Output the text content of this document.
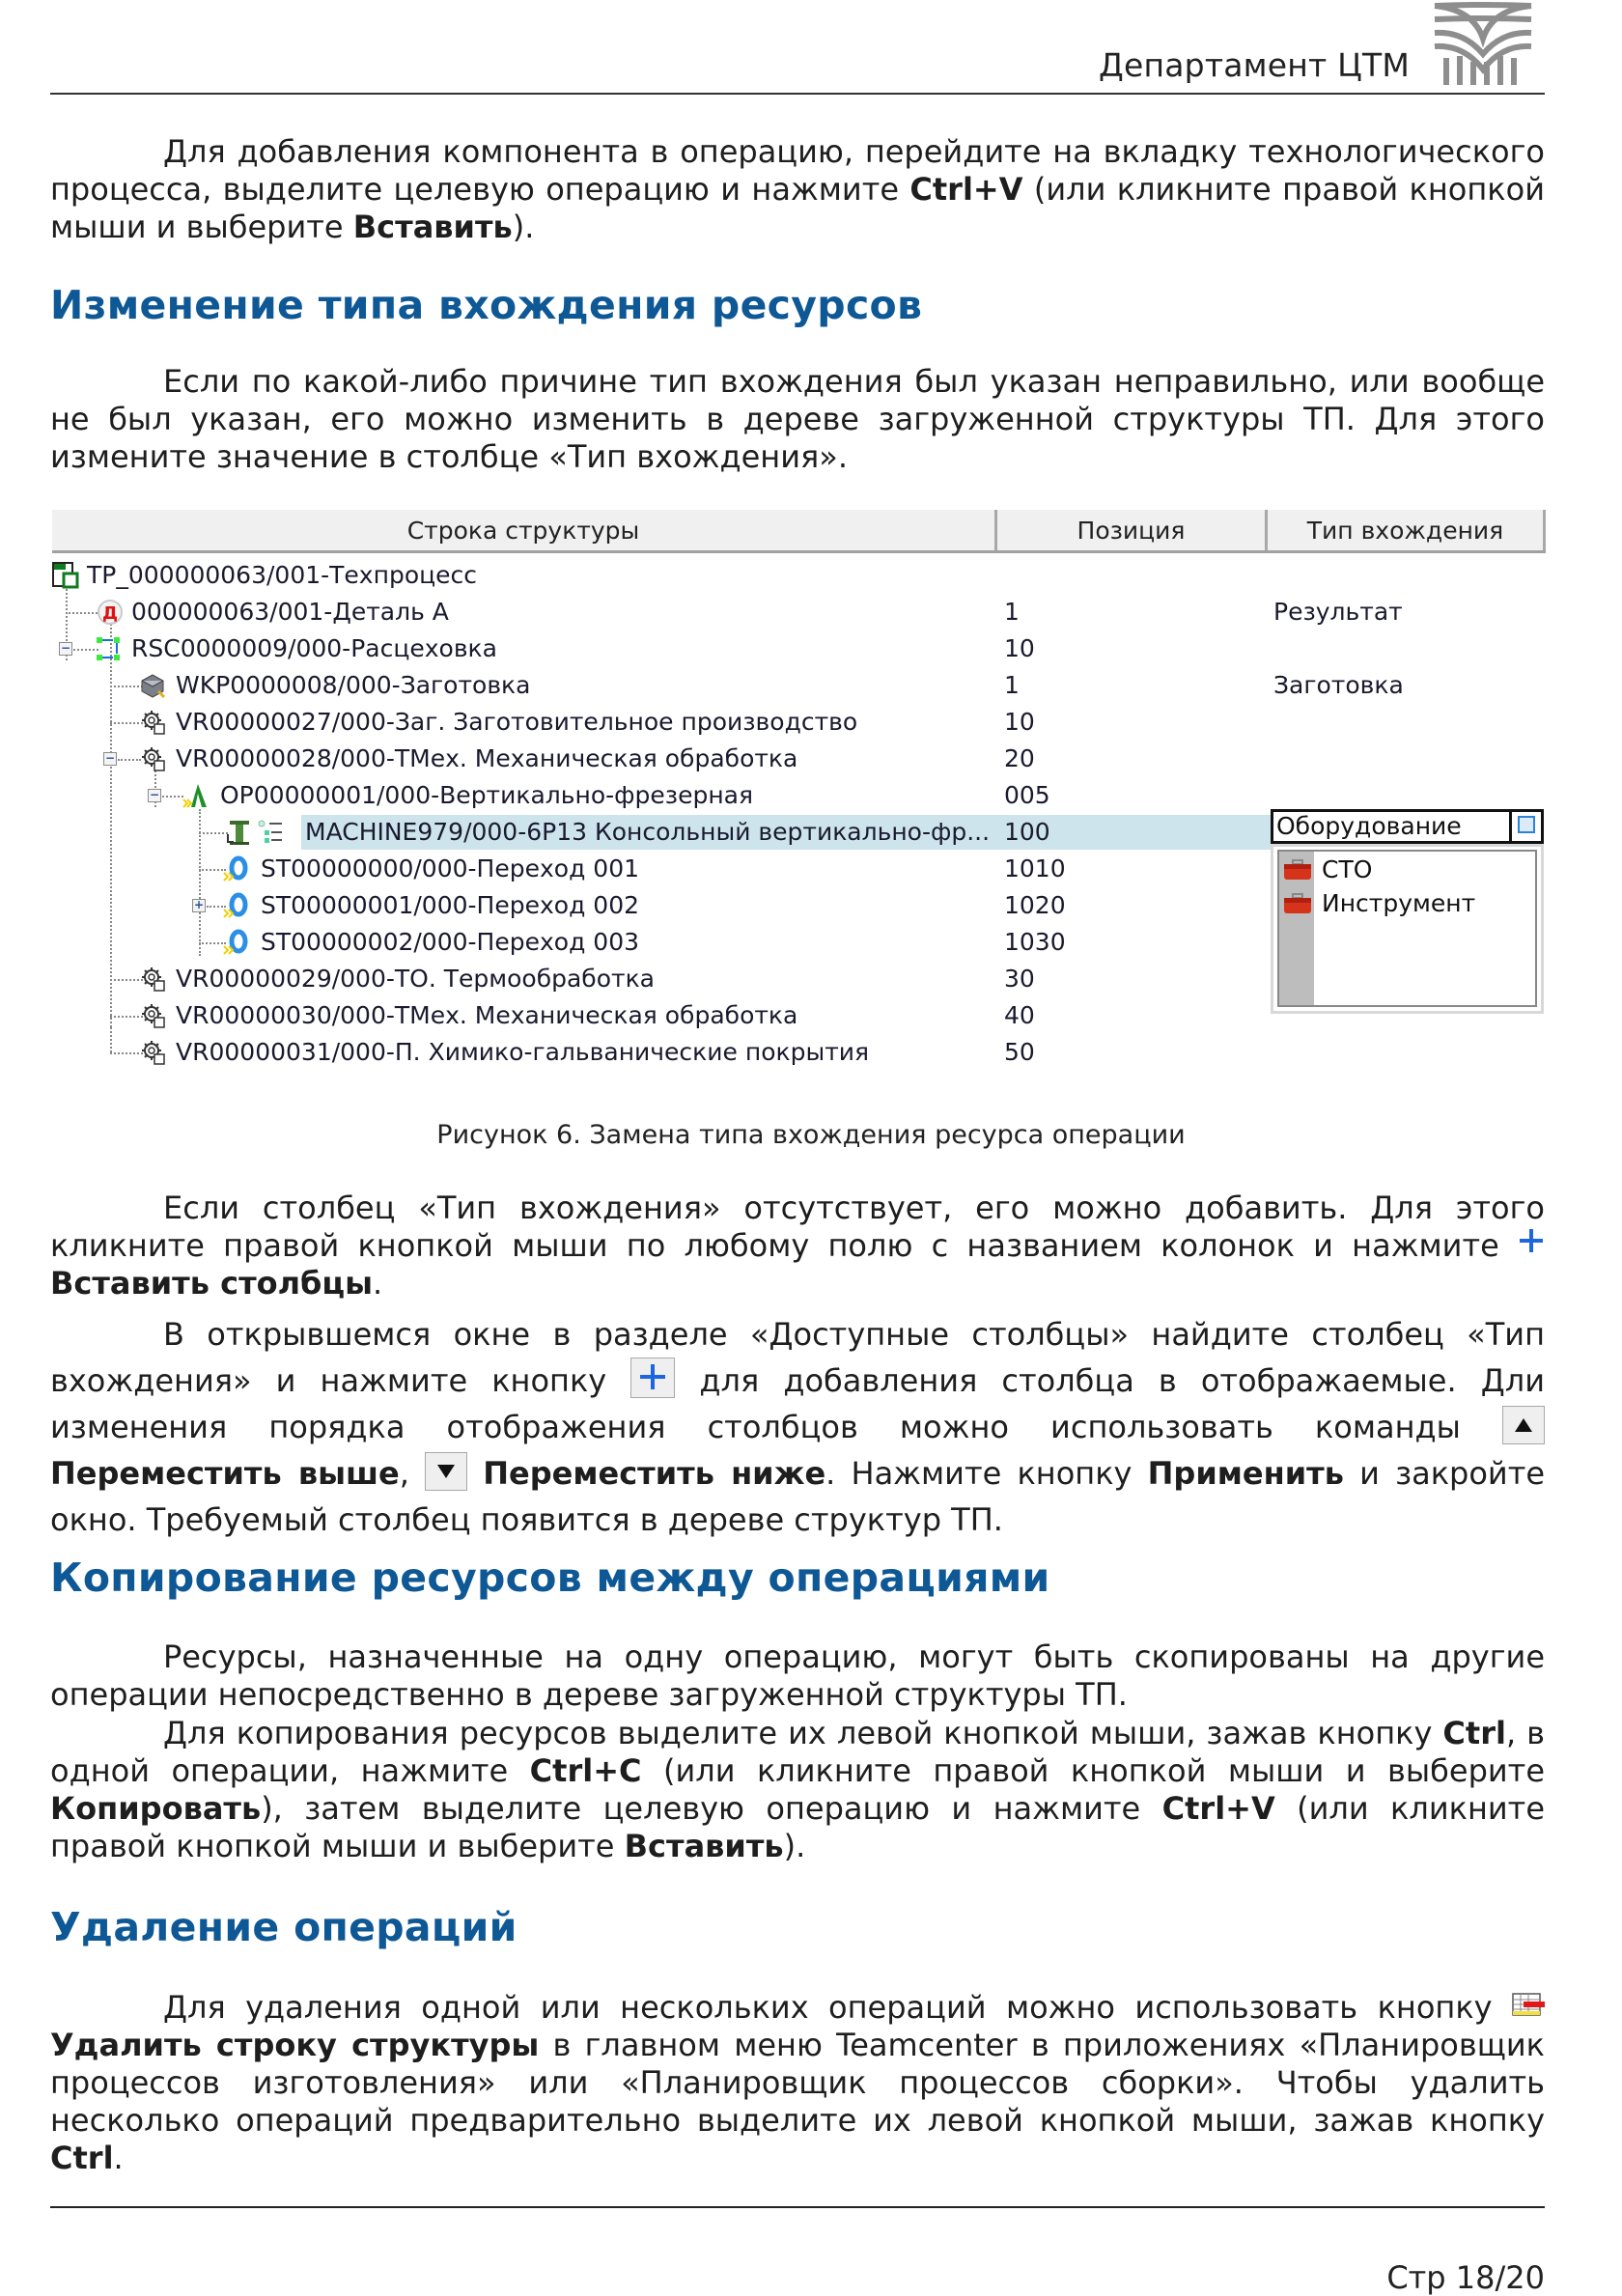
Департамент ЦТМ

Для добавления компонента в операцию, перейдите на вкладку технологического процесса, выделите целевую операцию и нажмите Ctrl+V (или кликните правой кнопкой мыши и выберите Вставить).

Изменение типа вхождения ресурсов

Если по какой-либо причине тип вхождения был указан неправильно, или вообще не был указан, его можно изменить в дереве загруженной структуры ТП. Для этого измените значение в столбце «Тип вхождения».

Строка структуры	Позиция	Тип вхождения
TP_000000063/001-Техпроцесс
Д 000000063/001-Деталь А	1	Результат
−	RSC0000009/000-Расцеховка	10
WKP0000008/000-Заготовка	1	Заготовка
VR00000027/000-Заг. Заготовительное производство	10
−	VR00000028/000-ТМех. Механическая обработка	20
−	OP00000001/000-Вертикально-фрезерная	005
MACHINE979/000-6Р13 Консольный вертикально-фр... 100
ST00000000/000-Переход 001	1010
+ ST00000001/000-Переход 002	1020
ST00000002/000-Переход 003	1030
VR00000029/000-ТО. Термообработка	30
VR00000030/000-ТМех. Механическая обработка	40
VR00000031/000-П. Химико-гальванические покрытия	50
Оборудование
СТО
Инструмент
Рисунок 6. Замена типа вхождения ресурса операции

Если столбец «Тип вхождения» отсутствует, его можно добавить. Для этого кликните правой кнопкой мыши по любому полю с названием колонок и нажмите  Вставить столбцы.

В открывшемся окне в разделе «Доступные столбцы» найдите столбец «Тип вхождения» и нажмите кнопку  для добавления столбца в отображаемые. Дли изменения порядка отображения столбцов можно использовать команды  Переместить выше,  Переместить ниже. Нажмите кнопку Применить и закройте окно. Требуемый столбец появится в дереве структур ТП.

Копирование ресурсов между операциями

Ресурсы, назначенные на одну операцию, могут быть скопированы на другие операции непосредственно в дереве загруженной структуры ТП.

Для копирования ресурсов выделите их левой кнопкой мыши, зажав кнопку Ctrl, в одной операции, нажмите Ctrl+C (или кликните правой кнопкой мыши и выберите Копировать), затем выделите целевую операцию и нажмите Ctrl+V (или кликните правой кнопкой мыши и выберите Вставить).

Удаление операций

Для удаления одной или нескольких операций можно использовать кнопку  Удалить строку структуры в главном меню Teamcenter в приложениях «Планировщик процессов изготовления» или «Планировщик процессов сборки». Чтобы удалить несколько операций предварительно выделите их левой кнопкой мыши, зажав кнопку Ctrl.

Стр 18/20
